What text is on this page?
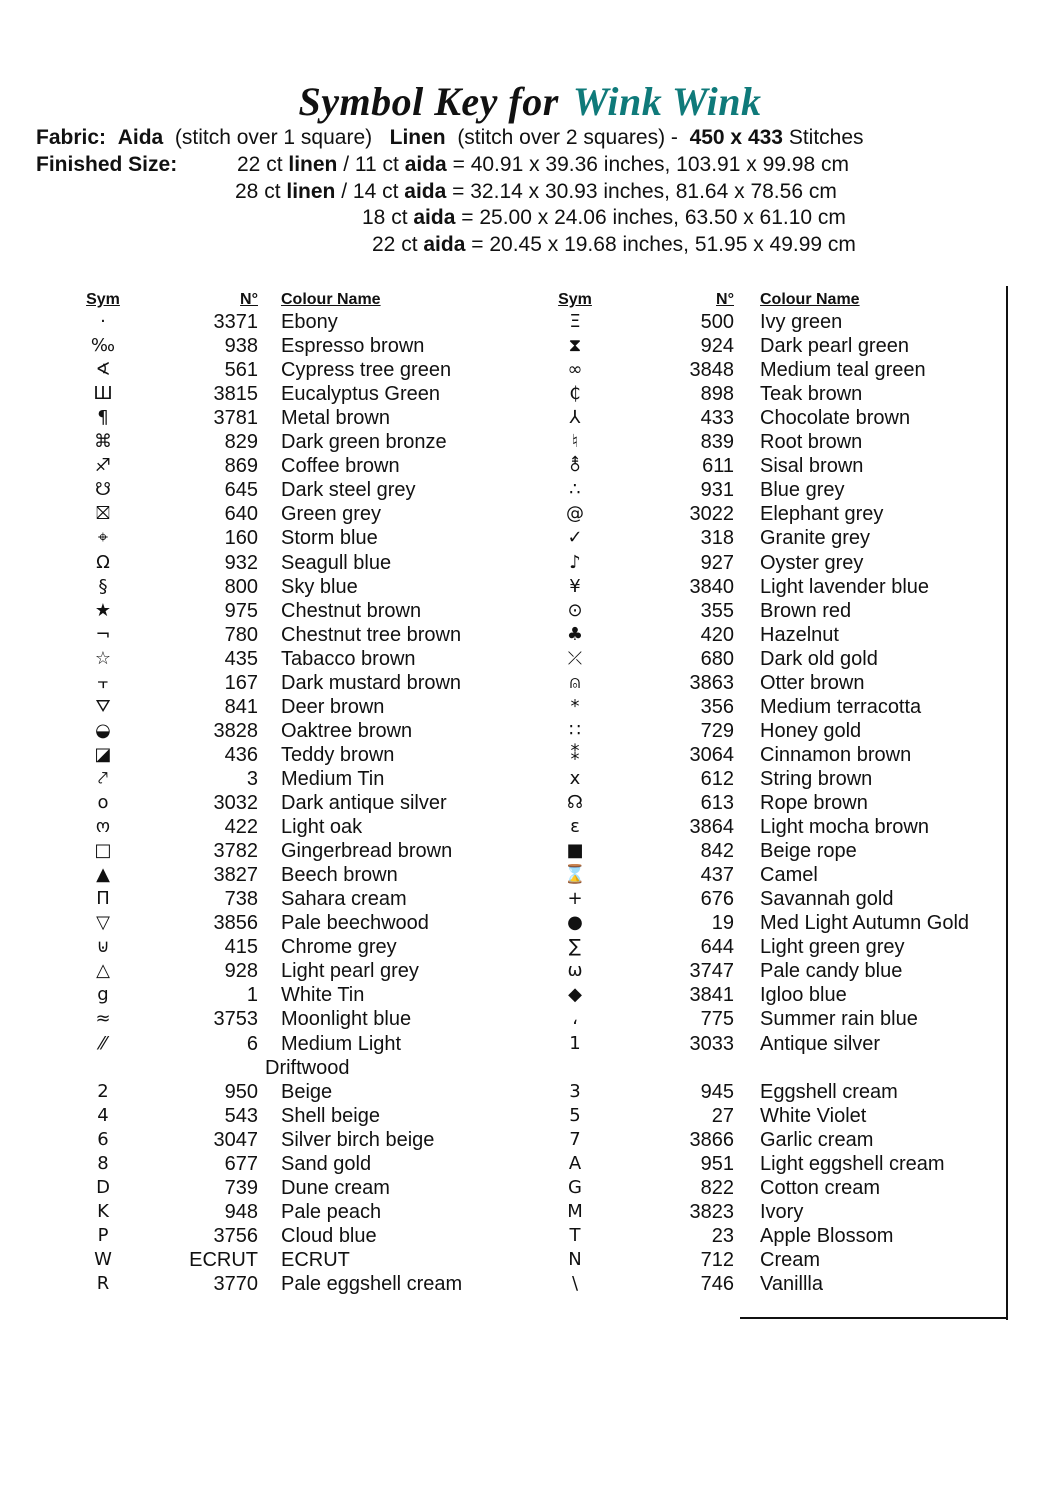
Symbol Key for Wink Wink
Fabric: Aida (stitch over 1 square) Linen (stitch over 2 squares) - 450 x 433 Stitches
Finished Size:	22 ct linen / 11 ct aida = 40.91 x 39.36 inches, 103.91 x 99.98 cm
28 ct linen / 14 ct aida = 32.14 x 30.93 inches, 81.64 x 78.56 cm
18 ct aida = 25.00 x 24.06 inches, 63.50 x 61.10 cm
22 ct aida = 20.45 x 19.68 inches, 51.95 x 49.99 cm
Sym	N° Colour Name
·	3371 Ebony
‰	938 Espresso brown
∢	561 Cypress tree green
Ш	3815 Eucalyptus Green
¶	3781 Metal brown
⌘	829 Dark green bronze
♐	869 Coffee brown
☋	645 Dark steel grey
⛝	640 Green grey
⌖	160 Storm blue
Ω	932 Seagull blue
§	800 Sky blue
★	975 Chestnut brown
¬	780 Chestnut tree brown
☆	435 Tabacco brown
⫟	167 Dark mustard brown
⛛	841 Deer brown
◒	3828 Oaktree brown
◪	436 Teddy brown
⤤	3 Medium Tin
o	3032 Dark antique silver
ო	422 Light oak
□	3782 Gingerbread brown
▲	3827 Beech brown
Π	738 Sahara cream
▽	3856 Pale beechwood
⊍	415 Chrome grey
△	928 Light pearl grey
g	1 White Tin
≈	3753 Moonlight blue
⁄⁄	6 Medium Light
Driftwood
2	950 Beige
4	543 Shell beige
6	3047 Silver birch beige
8	677 Sand gold
D	739 Dune cream
K	948 Pale peach
P	3756 Cloud blue
W	ECRUT ECRUT
R	3770 Pale eggshell cream
Sym	N° Colour Name
Ξ	500 Ivy green
⧗	924 Dark pearl green
∞	3848 Medium teal green
₵	898 Teak brown
⅄	433 Chocolate brown
♮	839 Root brown
⚨	611 Sisal brown
∴	931 Blue grey
@	3022 Elephant grey
✓	318 Granite grey
♪	927 Oyster grey
¥	3840 Light lavender blue
⊙	355 Brown red
♣	420 Hazelnut
⤫	680 Dark old gold
⍝	3863 Otter brown
*	356 Medium terracotta
∷	729 Honey gold
⁑	3064 Cinnamon brown
x	612 String brown
☊	613 Rope brown
ε	3864 Light mocha brown
■	842 Beige rope
⌛	437 Camel
+	676 Savannah gold
●	19 Med Light Autumn Gold
∑	644 Light green grey
ω	3747 Pale candy blue
◆	3841 Igloo blue
،	775 Summer rain blue
1	3033 Antique silver
3	945 Eggshell cream
5	27 White Violet
7	3866 Garlic cream
A	951 Light eggshell cream
G	822 Cotton cream
M	3823 Ivory
T	23 Apple Blossom
N	712 Cream
\	746 Vanillla
